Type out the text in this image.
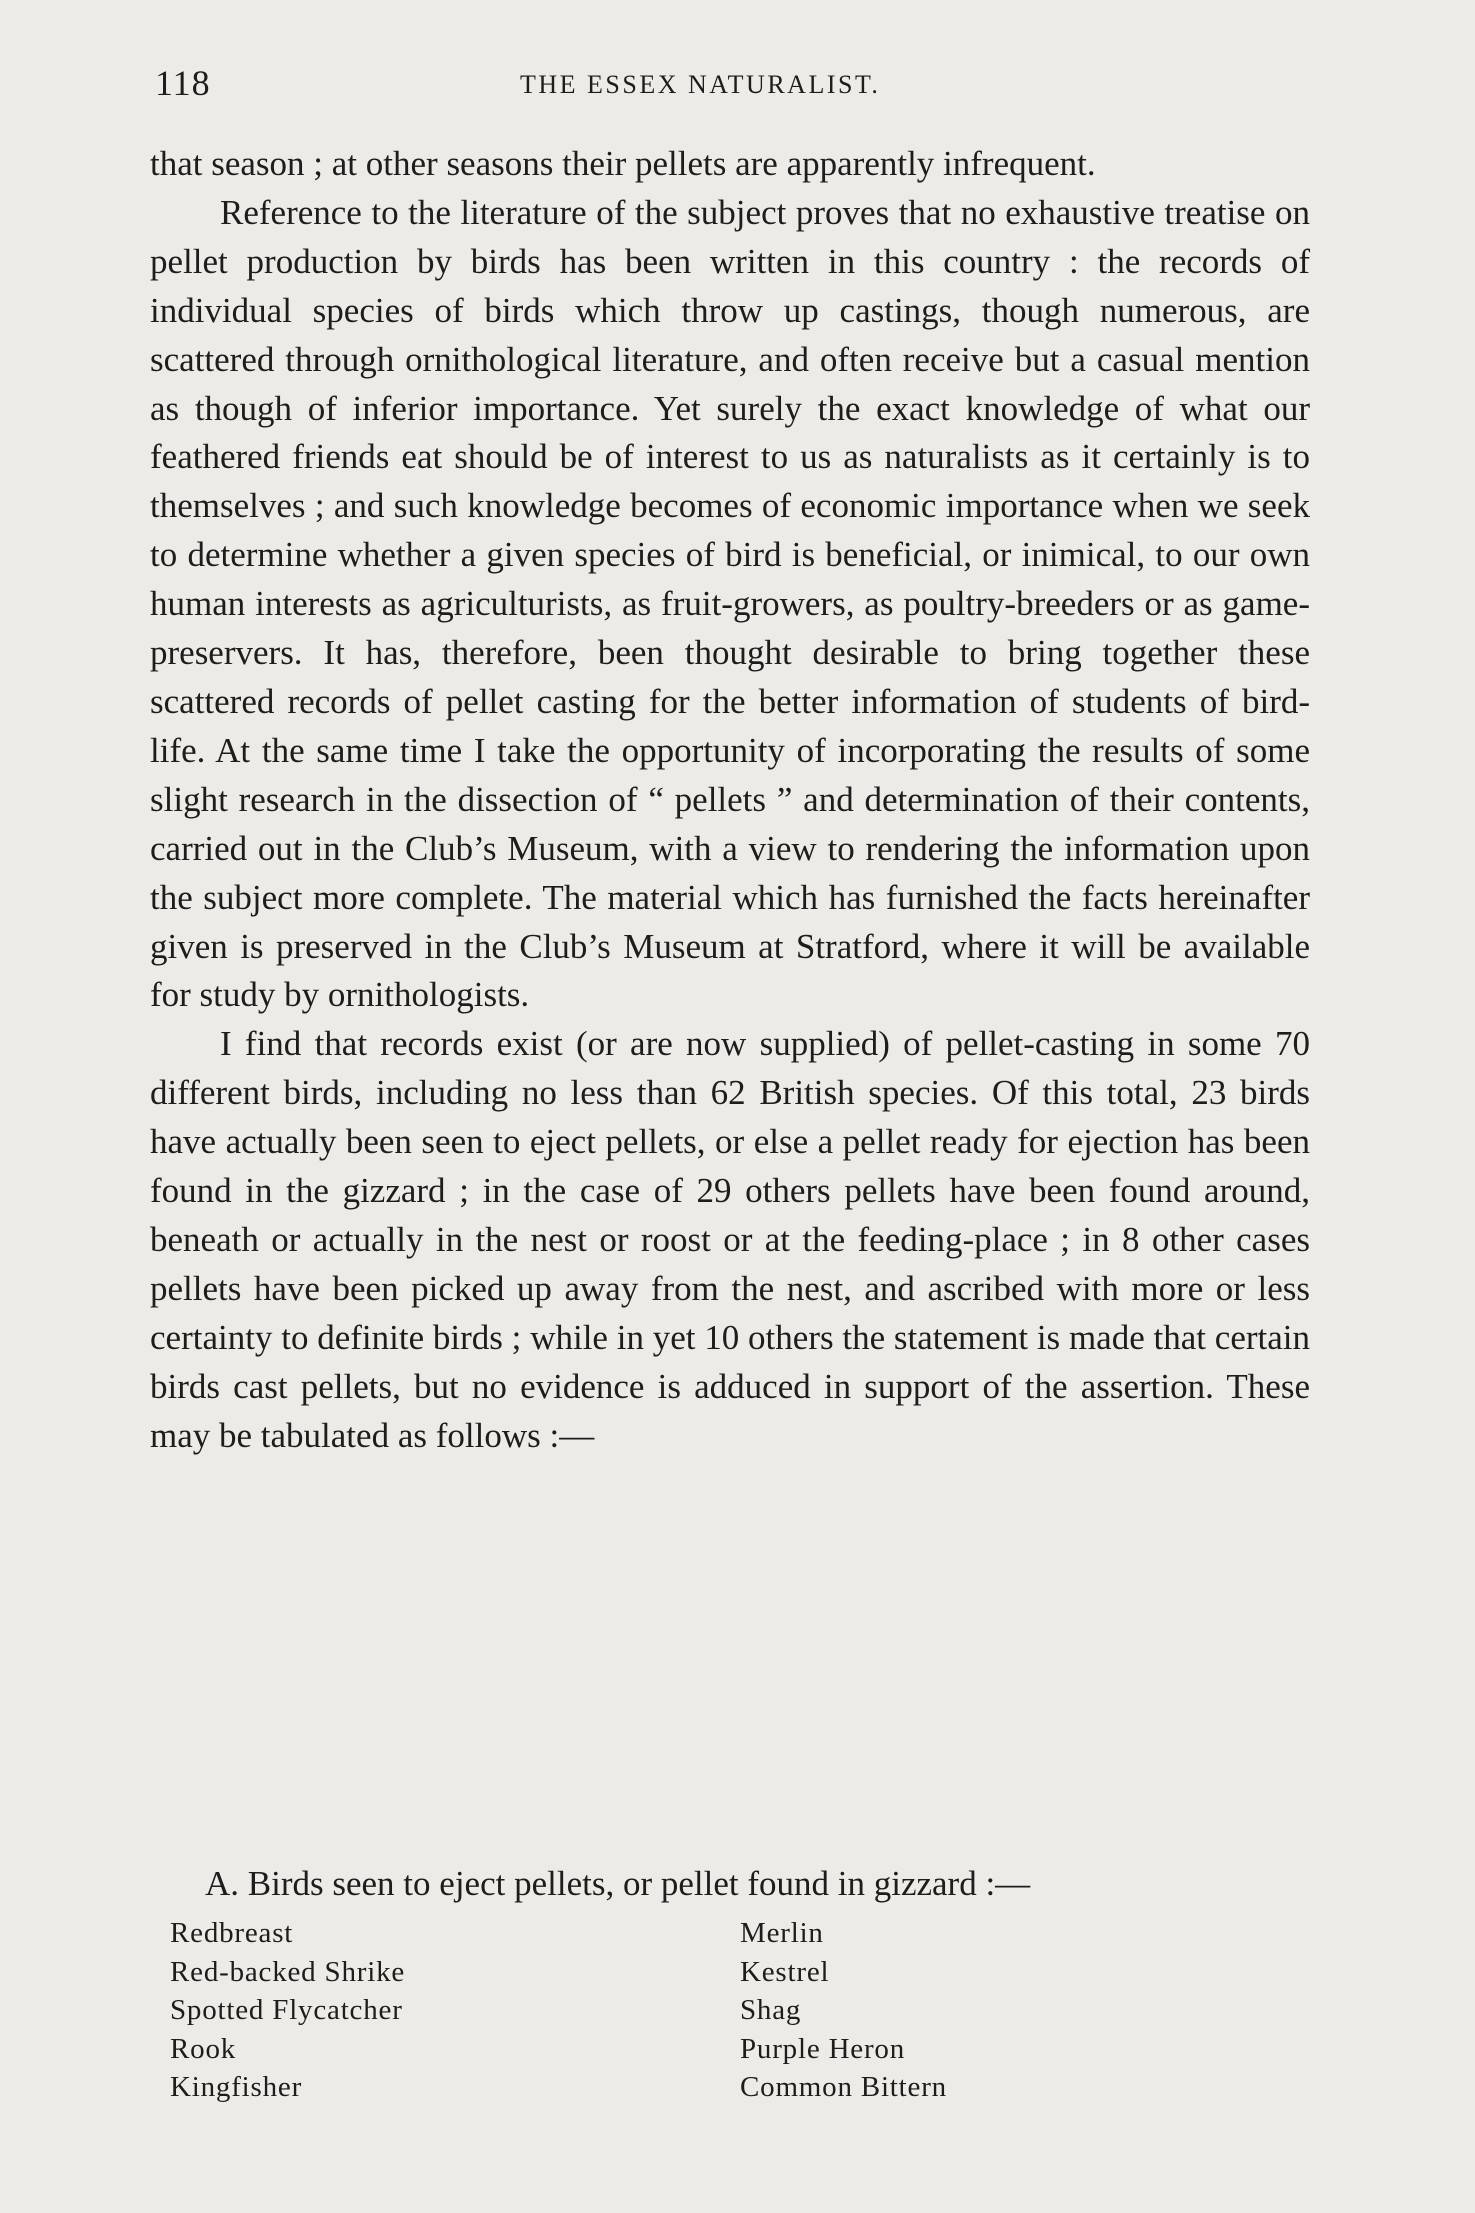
118	THE ESSEX NATURALIST.

that season ; at other seasons their pellets are apparently infrequent.

Reference to the literature of the subject proves that no exhaustive treatise on pellet production by birds has been written in this country : the records of individual species of birds which throw up castings, though numerous, are scattered through ornithological literature, and often receive but a casual mention as though of inferior importance. Yet surely the exact knowledge of what our feathered friends eat should be of interest to us as naturalists as it certainly is to themselves ; and such knowledge becomes of economic importance when we seek to determine whether a given species of bird is beneficial, or inimical, to our own human interests as agriculturists, as fruit-growers, as poultry-breeders or as game-preservers. It has, therefore, been thought desirable to bring together these scattered records of pellet casting for the better information of students of bird-life. At the same time I take the opportunity of incorporating the results of some slight research in the dissection of “ pellets ” and determination of their contents, carried out in the Club’s Museum, with a view to rendering the information upon the subject more complete. The material which has furnished the facts hereinafter given is preserved in the Club’s Museum at Stratford, where it will be available for study by ornithologists.

I find that records exist (or are now supplied) of pellet-casting in some 70 different birds, including no less than 62 British species. Of this total, 23 birds have actually been seen to eject pellets, or else a pellet ready for ejection has been found in the gizzard ; in the case of 29 others pellets have been found around, beneath or actually in the nest or roost or at the feeding-place ; in 8 other cases pellets have been picked up away from the nest, and ascribed with more or less certainty to definite birds ; while in yet 10 others the statement is made that certain birds cast pellets, but no evidence is adduced in support of the assertion. These may be tabulated as follows :—

A. Birds seen to eject pellets, or pellet found in gizzard :—
Redbreast
Red-backed Shrike
Spotted Flycatcher
Rook
Kingfisher
Merlin
Kestrel
Shag
Purple Heron
Common Bittern
